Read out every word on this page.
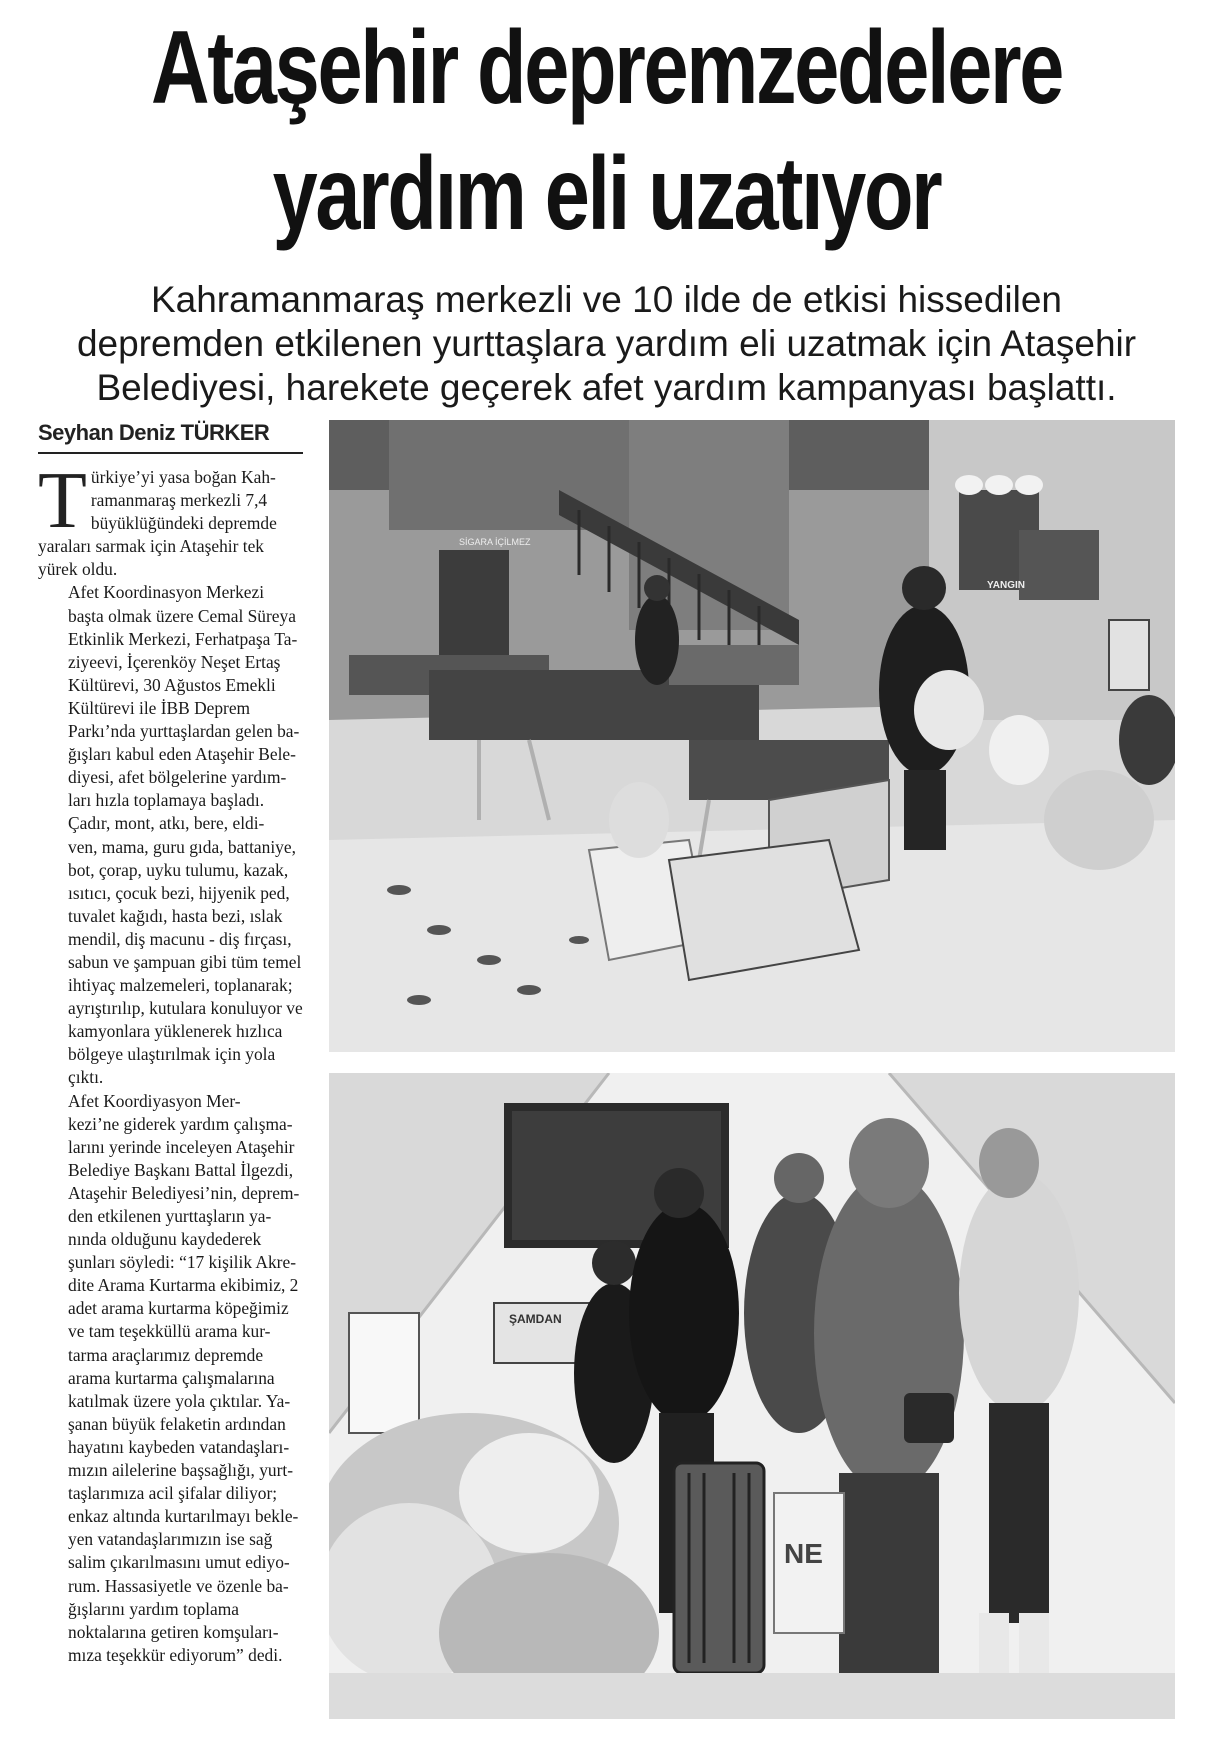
Ataşehir depremzedelere
yardım eli uzatıyor
Kahramanmaraş merkezli ve 10 ilde de etkisi hissedilen
depremden etkilenen yurttaşlara yardım eli uzatmak için Ataşehir
Belediyesi, harekete geçerek afet yardım kampanyası başlattı.
Seyhan Deniz TÜRKER
T ürkiye’yi yasa boğan Kah-
ramanmaraş merkezli 7,4
büyüklüğündeki depremde
yaraları sarmak için Ataşehir tek
yürek oldu.

Afet Koordinasyon Merkezi
başta olmak üzere Cemal Süreya
Etkinlik Merkezi, Ferhatpaşa Ta-
ziyeevi, İçerenköy Neşet Ertaş
Kültürevi, 30 Ağustos Emekli
Kültürevi ile İBB Deprem
Parkı’nda yurttaşlardan gelen ba-
ğışları kabul eden Ataşehir Bele-
diyesi, afet bölgelerine yardım-
ları hızla toplamaya başladı.

Çadır, mont, atkı, bere, eldi-
ven, mama, guru gıda, battaniye,
bot, çorap, uyku tulumu, kazak,
ısıtıcı, çocuk bezi, hijyenik ped,
tuvalet kağıdı, hasta bezi, ıslak
mendil, diş macunu - diş fırçası,
sabun ve şampuan gibi tüm temel
ihtiyaç malzemeleri, toplanarak;
ayrıştırılıp, kutulara konuluyor ve
kamyonlara yüklenerek hızlıca
bölgeye ulaştırılmak için yola
çıktı.

Afet Koordiyasyon Mer-
kezi’ne giderek yardım çalışma-
larını yerinde inceleyen Ataşehir
Belediye Başkanı Battal İlgezdi,
Ataşehir Belediyesi’nin, deprem-
den etkilenen yurttaşların ya-
nında olduğunu kaydederek
şunları söyledi: “17 kişilik Akre-
dite Arama Kurtarma ekibimiz, 2
adet arama kurtarma köpeğimiz
ve tam teşekküllü arama kur-
tarma araçlarımız depremde
arama kurtarma çalışmalarına
katılmak üzere yola çıktılar. Ya-
şanan büyük felaketin ardından
hayatını kaybeden vatandaşları-
mızın ailelerine başsağlığı, yurt-
taşlarımıza acil şifalar diliyor;
enkaz altında kurtarılmayı bekle-
yen vatandaşlarımızın ise sağ
salim çıkarılmasını umut ediyo-
rum. Hassasiyetle ve özenle ba-
ğışlarını yardım toplama
noktalarına getiren komşuları-
mıza teşekkür ediyorum” dedi.

SİGARA İÇİLMEZ
YANGIN
ŞAMDAN
NE
